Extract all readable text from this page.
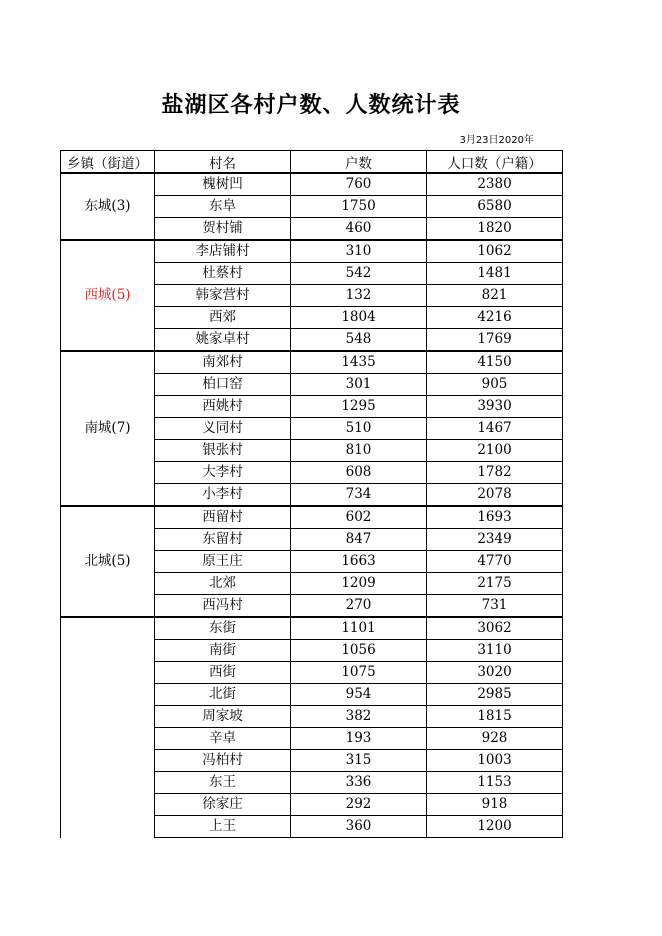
盐湖区各村户数、人数统计表
3月23日2020年
乡镇（街道）	村名	户数	人口数（户籍）
东城(3)	槐树凹	760	2380
	东阜	1750	6580
	贺村铺	460	1820
西城(5)	李店铺村	310	1062
	杜蔡村	542	1481
	韩家营村	132	821
	西郊	1804	4216
	姚家卓村	548	1769
南城(7)	南郊村	1435	4150
	柏口窑	301	905
	西姚村	1295	3930
	义同村	510	1467
	银张村	810	2100
	大李村	608	1782
	小李村	734	2078
北城(5)	西留村	602	1693
	东留村	847	2349
	原王庄	1663	4770
	北郊	1209	2175
	西冯村	270	731
	东街	1101	3062
	南街	1056	3110
	西街	1075	3020
	北街	954	2985
	周家坡	382	1815
	辛卓	193	928
	冯柏村	315	1003
	东王	336	1153
	徐家庄	292	918
	上王	360	1200
